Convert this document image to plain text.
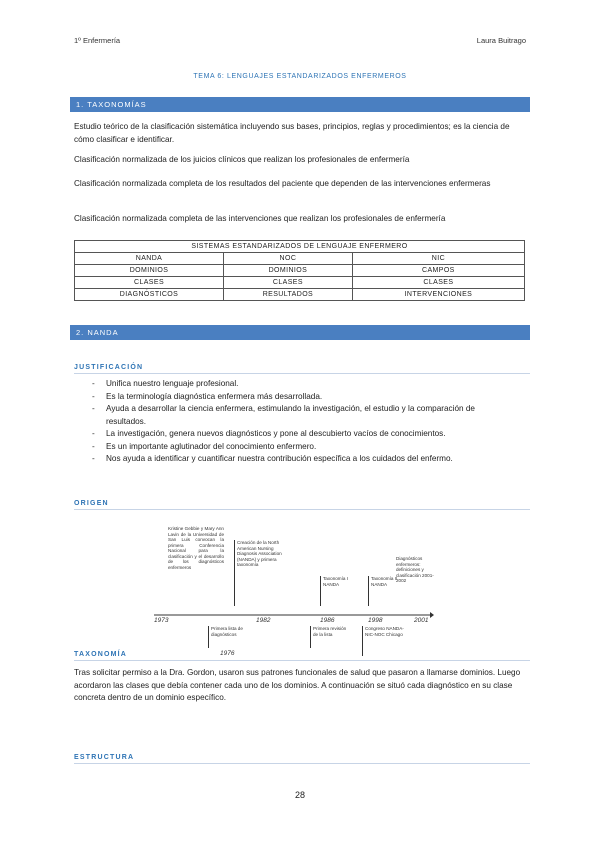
1º Enfermería	Laura Buitrago
TEMA 6: LENGUAJES ESTANDARIZADOS ENFERMEROS
1. TAXONOMÍAS
Estudio teórico de la clasificación sistemática incluyendo sus bases, principios, reglas y procedimientos; es la ciencia de cómo clasificar e identificar.
Clasificación normalizada de los juicios clínicos que realizan los profesionales de enfermería
Clasificación normalizada completa de los resultados del paciente que dependen de las intervenciones enfermeras
Clasificación normalizada completa de las intervenciones que realizan los profesionales de enfermería
SISTEMAS ESTANDARIZADOS DE LENGUAJE ENFERMERO		
NANDA	NOC	NIC
DOMINIOS	DOMINIOS	CAMPOS
CLASES	CLASES	CLASES
DIAGNÓSTICOS	RESULTADOS	INTERVENCIONES
2. NANDA
JUSTIFICACIÓN
- Unifica nuestro lenguaje profesional.
- Es la terminología diagnóstica enfermera más desarrollada.
- Ayuda a desarrollar la ciencia enfermera, estimulando la investigación, el estudio y la comparación de resultados.
- La investigación, genera nuevos diagnósticos y pone al descubierto vacíos de conocimientos.
- Es un importante aglutinador del conocimiento enfermero.
- Nos ayuda a identificar y cuantificar nuestra contribución específica a los cuidados del enfermo.
ORIGEN
Kristine Gebbie y Mary Ann Lavin de la Universidad de San Luis convocan la primera Conferencia Nacional para la clasificación y el desarrollo de los diagnósticos enfermeros
Creación de la North American Nursing Diagnosis Association (NANDA) y primera taxonomía
Taxonomía I NANDA
Taxonomía II NANDA
Diagnósticos enfermeros: definiciones y clasificación 2001-2002
1973	1982	1986	1998	2001
Primera lista de diagnósticos
1976
Primera revisión de la lista
Congreso NANDA-NIC-NOC Chicago
TAXONOMÍA
Tras solicitar permiso a la Dra. Gordon, usaron sus patrones funcionales de salud que pasaron a llamarse dominios. Luego acordaron las clases que debía contener cada uno de los dominios. A continuación se situó cada diagnóstico en su clase concreta dentro de un dominio específico.
ESTRUCTURA
28
